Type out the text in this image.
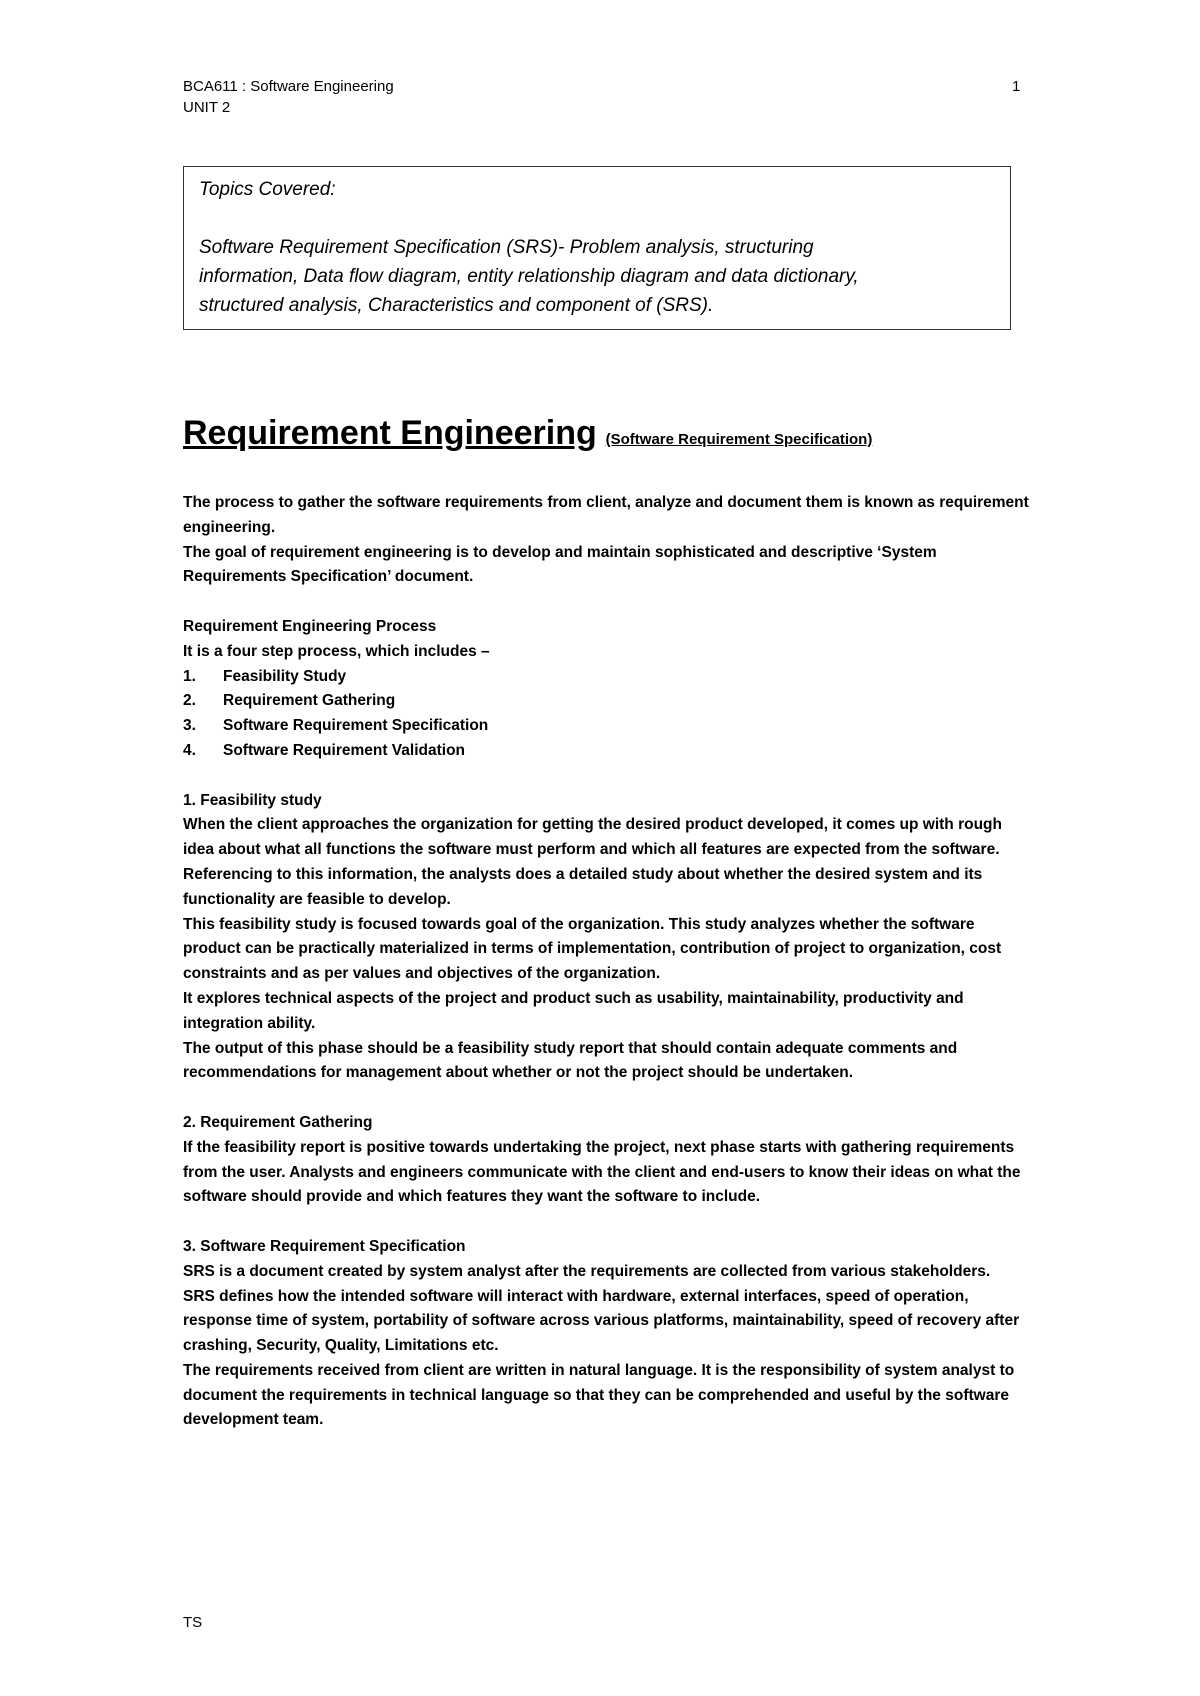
BCA611 : Software Engineering
UNIT 2
1

Topics Covered:

Software Requirement Specification (SRS)- Problem analysis, structuring

information, Data flow diagram, entity relationship diagram and data dictionary,

structured analysis, Characteristics and component of (SRS).

Requirement Engineering (Software Requirement Specification)

The process to gather the software requirements from client, analyze and document them is known as requirement engineering.

The goal of requirement engineering is to develop and maintain sophisticated and descriptive ‘System Requirements Specification’ document.

Requirement Engineering Process

It is a four step process, which includes –

1.	Feasibility Study
2.	Requirement Gathering
3.	Software Requirement Specification
4.	Software Requirement Validation

1. Feasibility study

When the client approaches the organization for getting the desired product developed, it comes up with rough idea about what all functions the software must perform and which all features are expected from the software.

Referencing to this information, the analysts does a detailed study about whether the desired system and its functionality are feasible to develop.

This feasibility study is focused towards goal of the organization. This study analyzes whether the software product can be practically materialized in terms of implementation, contribution of project to organization, cost constraints and as per values and objectives of the organization.

It explores technical aspects of the project and product such as usability, maintainability, productivity and integration ability.

The output of this phase should be a feasibility study report that should contain adequate comments and recommendations for management about whether or not the project should be undertaken.

2. Requirement Gathering

If the feasibility report is positive towards undertaking the project, next phase starts with gathering requirements from the user. Analysts and engineers communicate with the client and end-users to know their ideas on what the software should provide and which features they want the software to include.

3. Software Requirement Specification

SRS is a document created by system analyst after the requirements are collected from various stakeholders.

SRS defines how the intended software will interact with hardware, external interfaces, speed of operation, response time of system, portability of software across various platforms, maintainability, speed of recovery after crashing, Security, Quality, Limitations etc.

The requirements received from client are written in natural language. It is the responsibility of system analyst to document the requirements in technical language so that they can be comprehended and useful by the software development team.

TS
